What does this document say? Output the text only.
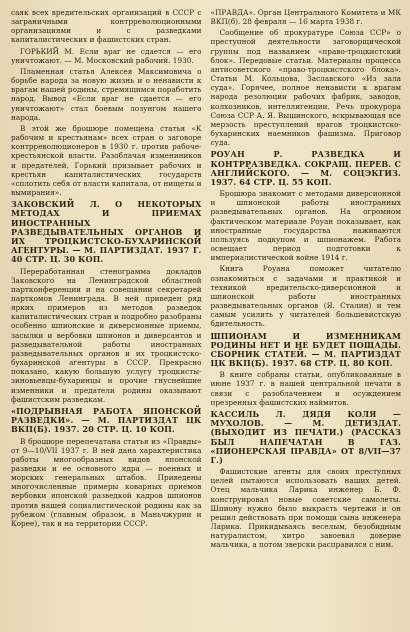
саяк всех вредительских организаций в СССР с заграничными контрреволюционными организациями и с разведками капиталистических и фашистских стран.

ГОРЬКИЙ М. Если враг не сдается — его уничтожают. — М. Московский рабочий. 1930.

Пламенная статья Алексея Максимовича о борьбе народа за новую жизнь и о ненависти к врагам нашей родины, стремящимся поработить народ. Вывод «Если враг не сдается — его уничтожают» стал боевым лозунгом нашего народа.

В этой же брошюре помещена статья «К рабочим и крестьянам» всех стран о заговоре контрреволюционеров в 1930 г. против рабоче-крестьянской власти. Разоблачая измениников и предателей, Горький призывает рабочих и крестьян капиталистических государств «сплотить себя от власти капитала, от нищеты и вымирания».

ЗАКОВСКИЙ Л. О НЕКОТОРЫХ МЕТОДАХ И ПРИЕМАХ ИНОСТРАННЫХ РАЗВЕДЫВАТЕЛЬНЫХ ОРГАНОВ И ИХ ТРОЦКИСТСКО-БУХАРИНСКОЙ АГЕНТУРЫ. — М. ПАРТИЗДАТ. 1937 Г. 40 СТР. Ц. 30 КОП.

Переработанная стенограмма докладов Заковского на Ленинградской областной партконференции и на совещании секретарей парткомов Ленинграда. В ней приведен ряд ярких примеров из методов разведок капиталистических стран и подробно разобраны особенно шпионские и диверсионные приемы, засылки и вербовки шпионов и диверсантов и разведывательной работы иностранных разведывательных органов и их троцкистско-бухаринской агентуры в СССР. Прекрасно показано, какую большую услугу троцкисты-зиновьевцы-бухаринцы и прочие гнуснейшие изменники и предатели родины оказывают фашистским разведкам.

«ПОДРЫВНАЯ РАБОТА ЯПОНСКОЙ РАЗВЕДКИ». — М. ПАРТИЗДАТ ЦК ВКП(Б). 1937. 20 СТР. Ц. 10 КОП.

В брошюре перепечатана статья из «Правды» от 9—10/VII 1937 г. В ней дана характеристика работы многообразных видов японской разведки и ее основного ядра — военных и морских генеральных штабов. Приведены многочисленные примеры коварных приемов вербовки японской разведкой кадров шпионов против нашей социалистической родины как за рубежом (главным образом, в Маньчжурии и Корее), так и на территории СССР.

«ПРАВДА». Орган Центрального Комитета и МК ВКП(б). 28 февраля — 16 марта 1938 г.

Сообщение об прокуратуре Союза ССР» о преступной деятельности заговорщической группы под названием «право-троцкистский блок». Передовые статьи. Материалы процесса антисоветского «право-троцкистского блока». Статьи М. Кольцова, Заславского «Из зала суда». Горячее, полное ненависти к врагам народа резолюции рабочих фабрик, заводов, колхозников, интеллигенции. Речь прокурора Союза ССР А. Я. Вышинского, вскрывающая все мерзость преступлений врагов троцкистско-бухаринских наемников фашизма. Приговор суда.

РОУАН Р. РАЗВЕДКА И КОНТРРАЗВЕДКА. СОКРАЩ. ПЕРЕВ. С АНГЛИЙСКОГО. — М. СОЦЭКГИЗ. 1937. 64 СТР. Ц. 55 КОП.

Брошюра знакомит с методами диверсионной и шпионской работы иностранных разведывательных органов. На огромном фактическом материале Роуан показывает, как иностранные государства наживаются пользуясь подкупом и шпионажем. Работа освещает период подготовки к империалистической войне 1914 г.

Книга Роуана поможет читателю ознакомиться с задачами и практикой и техникой вредительско-диверсионной и шпионской работы иностранных разведывательных органов (Я. Сталин) и тем самым усилить у читателей большевистскую бдительность.

ШПИОНАМ И ИЗМЕННИКАМ РОДИНЫ НЕТ И НЕ БУДЕТ ПОЩАДЫ. СБОРНИК СТАТЕЙ. — М. ПАРТИЗДАТ ЦК ВКП(Б). 1937. 68 СТР. Ц. 80 КОП.

В книге собраны статьи, опубликованные в июне 1937 г. в нашей центральной печати в связи с разоблачением и осуждением презренных фашистских наймитов.

КАССИЛЬ Л. ДЯДЯ КОЛЯ — МУХОЛОВ. — М. ДЕТИЗДАТ. (ВЫХОДИТ ИЗ ПЕЧАТИ.) (РАССКАЗ БЫЛ НАПЕЧАТАН В ГАЗ. «ПИОНЕРСКАЯ ПРАВДА» ОТ 8/VII—37 Г.)

Фашистские агенты для своих преступных целей пытаются использовать наших детей. Отец мальчика Ларика инженер Б. Ф. конструировал новые советские самолеты. Шпиону нужно было выкрасть чертежи и он решил действовать при помощи сына инженера Ларика. Прикидываясь веселым, безобидным натуралистом, хитро завоевал доверие мальчика, а потом зверски расправился с ним.
